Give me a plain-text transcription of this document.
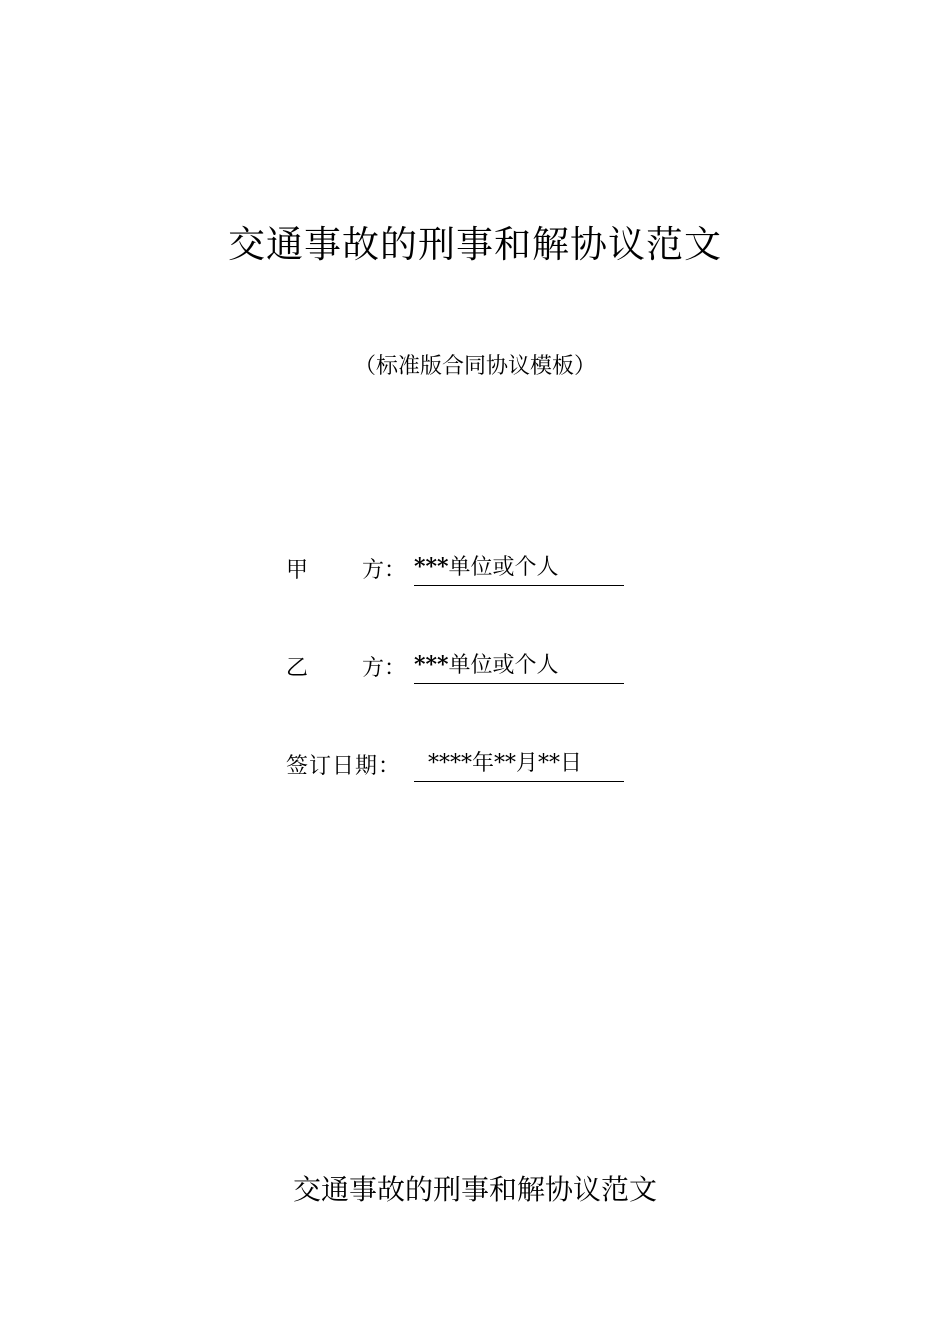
交通事故的刑事和解协议范文
（标准版合同协议模板）
甲 方： ***单位或个人
乙 方： ***单位或个人
签订日期：	****年**月**日
交通事故的刑事和解协议范文
